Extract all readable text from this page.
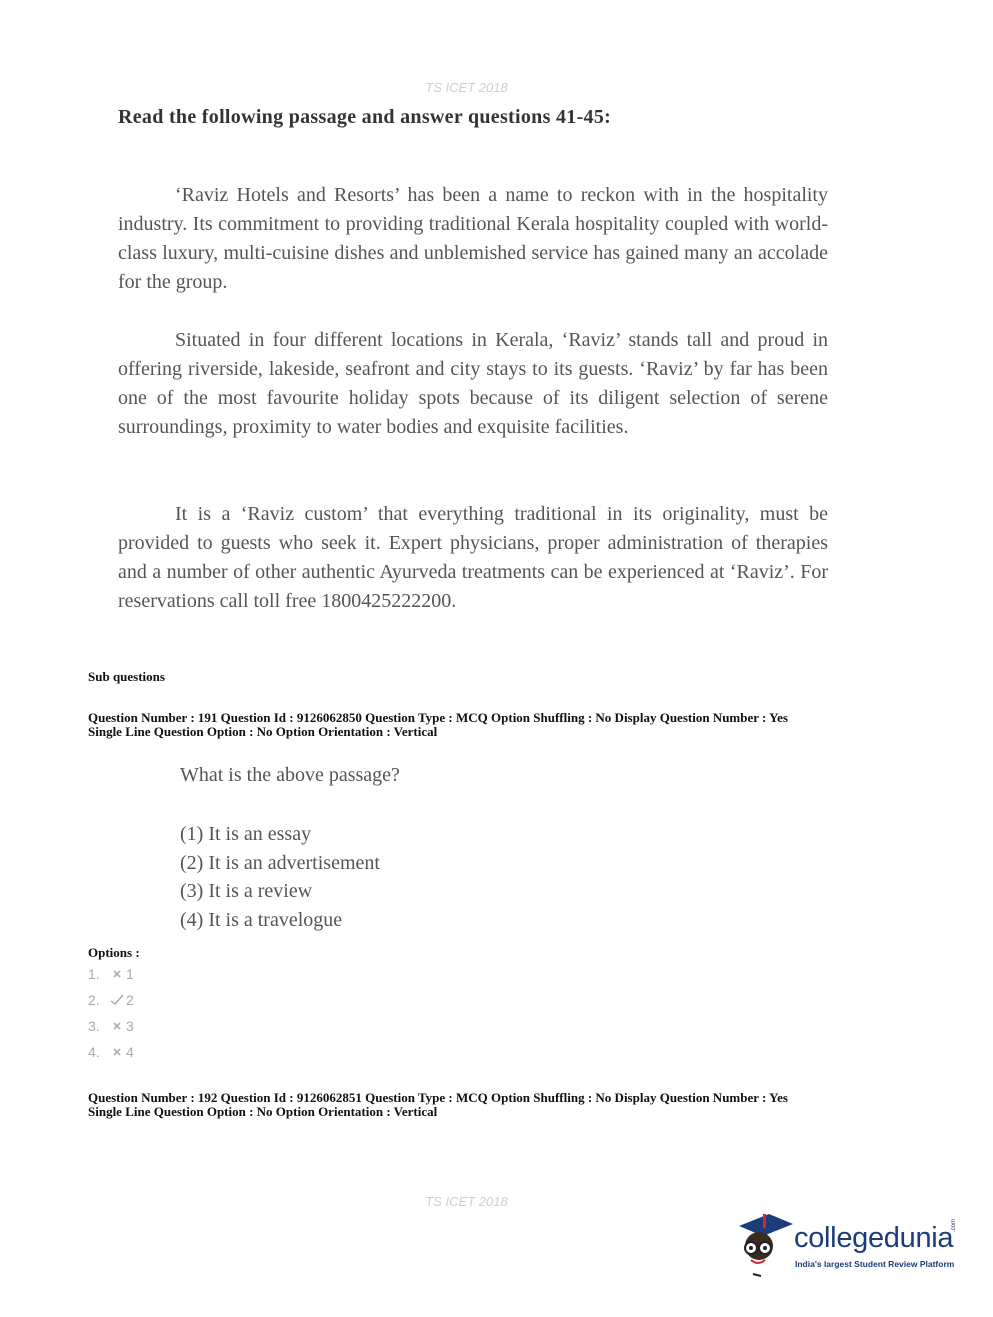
TS ICET 2018
Read the following passage and answer questions 41-45:

‘Raviz Hotels and Resorts’ has been a name to reckon with in the hospitality industry. Its commitment to providing traditional Kerala hospitality coupled with world-class luxury, multi-cuisine dishes and unblemished service has gained many an accolade for the group.

Situated in four different locations in Kerala, ‘Raviz’ stands tall and proud in offering riverside, lakeside, seafront and city stays to its guests. ‘Raviz’ by far has been one of the most favourite holiday spots because of its diligent selection of serene surroundings, proximity to water bodies and exquisite facilities.

It is a ‘Raviz custom’ that everything traditional in its originality, must be provided to guests who seek it. Expert physicians, proper administration of therapies and a number of other authentic Ayurveda treatments can be experienced at ‘Raviz’. For reservations call toll free 1800425222200.

Sub questions
Question Number : 191 Question Id : 9126062850 Question Type : MCQ Option Shuffling : No Display Question Number : Yes
Single Line Question Option : No Option Orientation : Vertical
What is the above passage?
(1) It is an essay
(2) It is an advertisement
(3) It is a review
(4) It is a travelogue
Options :
1.	1
2.	2
3.	3
4.	4
Question Number : 192 Question Id : 9126062851 Question Type : MCQ Option Shuffling : No Display Question Number : Yes
Single Line Question Option : No Option Orientation : Vertical
TS ICET 2018
collegedunia
.com
India's largest Student Review Platform
